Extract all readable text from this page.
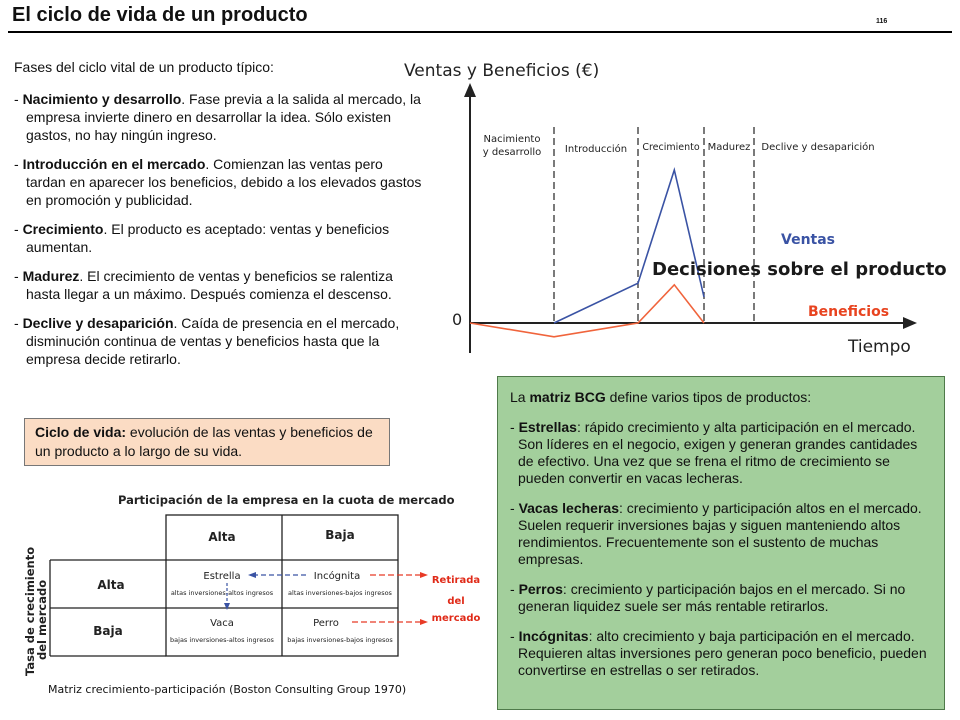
El ciclo de vida de un producto	116

Fases del ciclo vital de un producto típico:

- Nacimiento y desarrollo. Fase previa a la salida al mercado, la empresa invierte dinero en desarrollar la idea. Sólo existen gastos, no hay ningún ingreso.

- Introducción en el mercado. Comienzan las ventas pero tardan en aparecer los beneficios, debido a los elevados gastos en promoción y publicidad.

- Crecimiento. El producto es aceptado: ventas y beneficios aumentan.

- Madurez. El crecimiento de ventas y beneficios se ralentiza hasta llegar a un máximo. Después comienza el descenso.

- Declive y desaparición. Caída de presencia en el mercado, disminución continua de ventas y beneficios hasta que la empresa decide retirarlo.

Ciclo de vida: evolución de las ventas y beneficios de un producto a lo largo de su vida.
Ventas y Beneficios (€)
0
Tiempo
Nacimiento
y desarrollo Introducción Crecimiento Madurez Declive y desaparición
Ventas
Beneficios
Decisiones sobre el producto
Participación de la empresa en la cuota de mercado
Tasa de crecimiento
del mercado
Alta	Baja
Alta
Baja
Estrella
altas inversiones-altos ingresos
Incógnita
altas inversiones-bajos ingresos
Vaca
bajas inversiones-altos ingresos
Perro
bajas inversiones-bajos ingresos
Retirada
del
mercado
Matriz crecimiento-participación (Boston Consulting Group 1970)

La matriz BCG define varios tipos de productos:

- Estrellas: rápido crecimiento y alta participación en el mercado. Son líderes en el negocio, exigen y generan grandes cantidades de efectivo. Una vez que se frena el ritmo de crecimiento se pueden convertir en vacas lecheras.

- Vacas lecheras: crecimiento y participación altos en el mercado. Suelen requerir inversiones bajas y siguen manteniendo altos rendimientos. Frecuentemente son el sustento de muchas empresas.

- Perros: crecimiento y participación bajos en el mercado. Si no generan liquidez suele ser más rentable retirarlos.

- Incógnitas: alto crecimiento y baja participación en el mercado. Requieren altas inversiones pero generan poco beneficio, pueden convertirse en estrellas o ser retirados.
